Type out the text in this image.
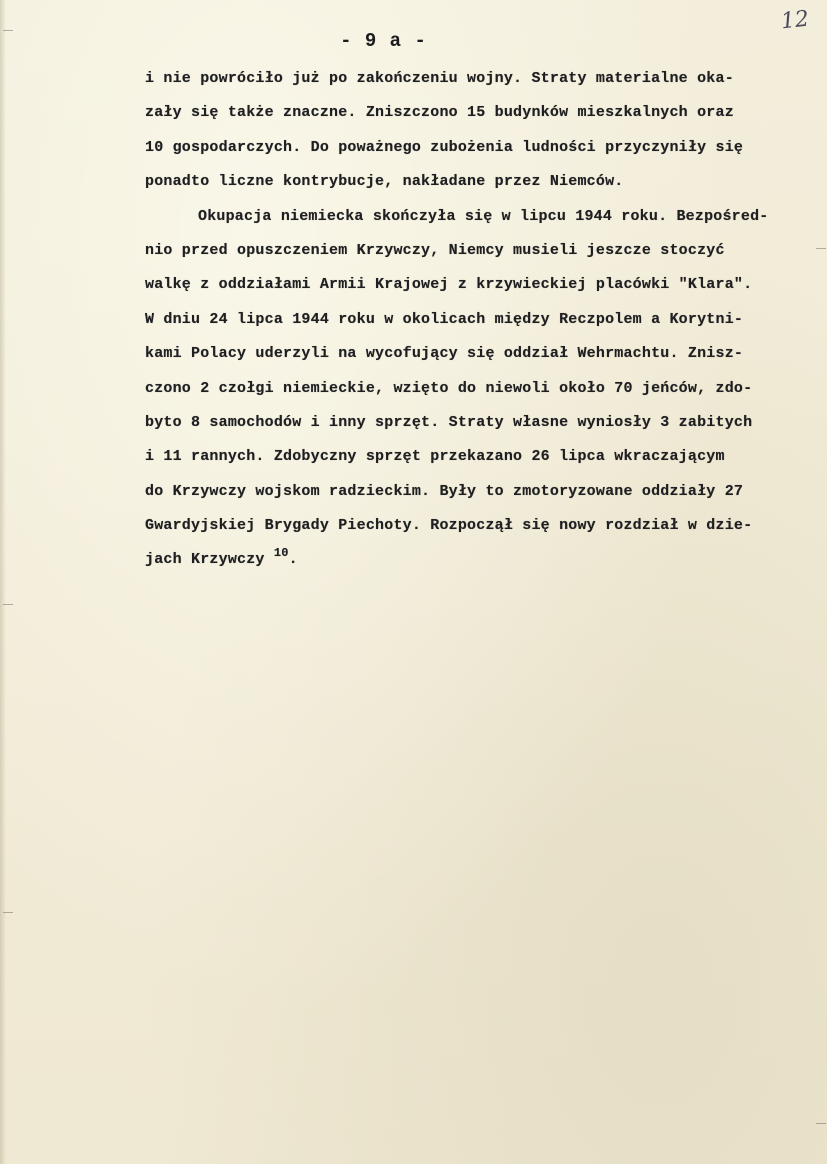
- 9 a -
12
i nie powróciło już po zakończeniu wojny. Straty materialne oka-
zały się także znaczne. Zniszczono 15 budynków mieszkalnych oraz
10 gospodarczych. Do poważnego zubożenia ludności przyczyniły się
ponadto liczne kontrybucje, nakładane przez Niemców.
Okupacja niemiecka skończyła się w lipcu 1944 roku. Bezpośred-
nio przed opuszczeniem Krzywczy, Niemcy musieli jeszcze stoczyć
walkę z oddziałami Armii Krajowej z krzywieckiej placówki "Klara".
W dniu 24 lipca 1944 roku w okolicach między Reczpolem a Korytni-
kami Polacy uderzyli na wycofujący się oddział Wehrmachtu. Znisz-
czono 2 czołgi niemieckie, wzięto do niewoli około 70 jeńców, zdo-
byto 8 samochodów i inny sprzęt. Straty własne wyniosły 3 zabitych
i 11 rannych. Zdobyczny sprzęt przekazano 26 lipca wkraczającym
do Krzywczy wojskom radzieckim. Były to zmotoryzowane oddziały 27
Gwardyjskiej Brygady Piechoty. Rozpoczął się nowy rozdział w dzie-
jach Krzywczy $^{10}$.
